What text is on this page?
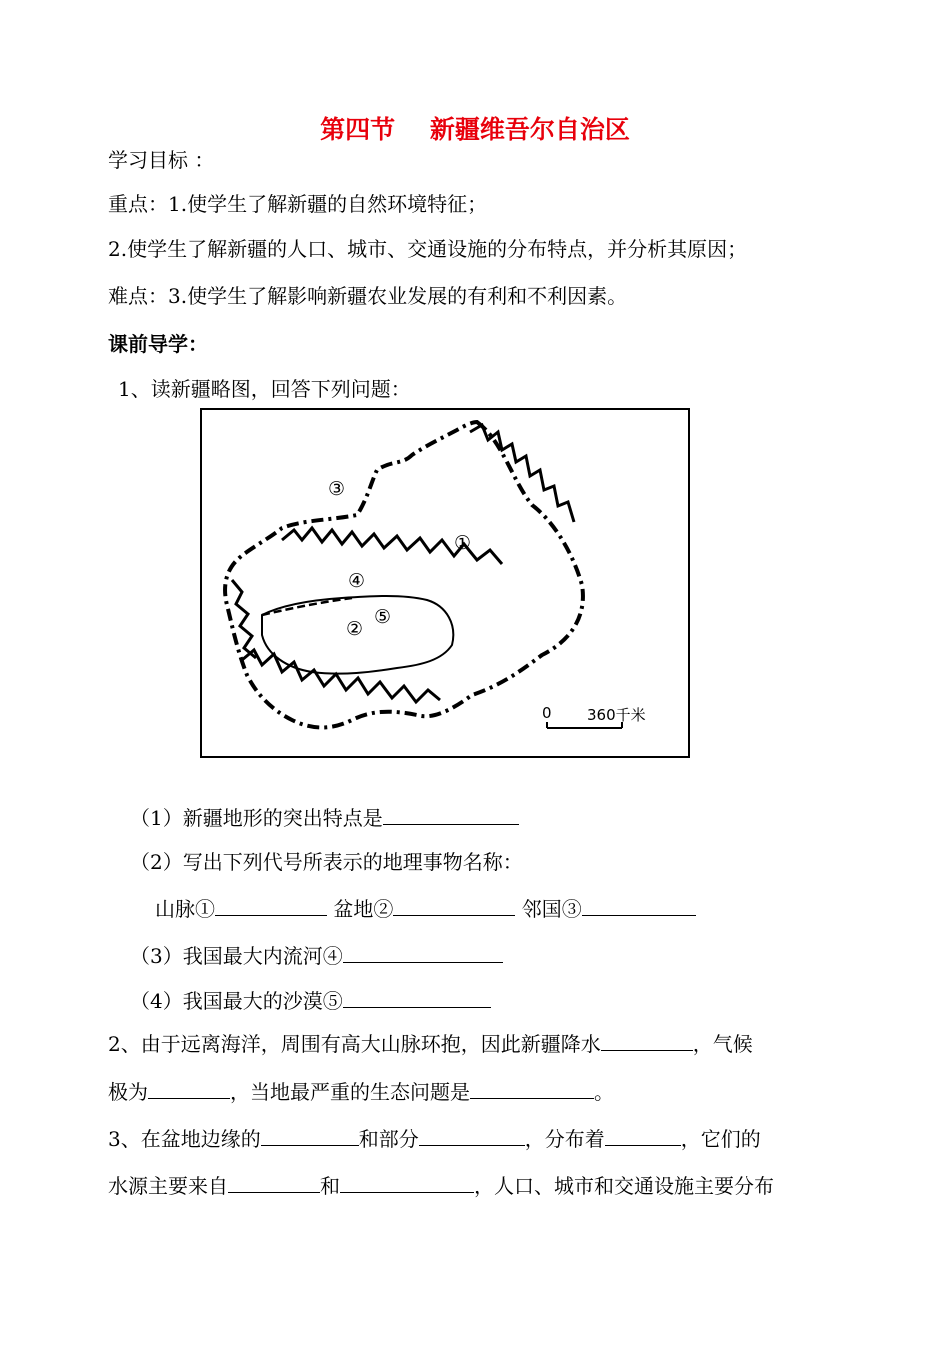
第四节    新疆维吾尔自治区
学习目标 ：
重点：1.使学生了解新疆的自然环境特征；
2.使学生了解新疆的人口、城市、交通设施的分布特点，并分析其原因；
难点：3.使学生了解影响新疆农业发展的有利和不利因素。
课前导学：
1、读新疆略图，回答下列问题：
①
②
③
④
⑤
0 360千米
（1）新疆地形的突出特点是
（2）写出下列代号所表示的地理事物名称：
山脉①	盆地②	邻国③
（3）我国最大内流河④
（4）我国最大的沙漠⑤
2、由于远离海洋，周围有高大山脉环抱，因此新疆降水	，气候
极为	，当地最严重的生态问题是	。
3、在盆地边缘的	和部分	，分布着	，它们的
水源主要来自	和	，人口、城市和交通设施主要分布
